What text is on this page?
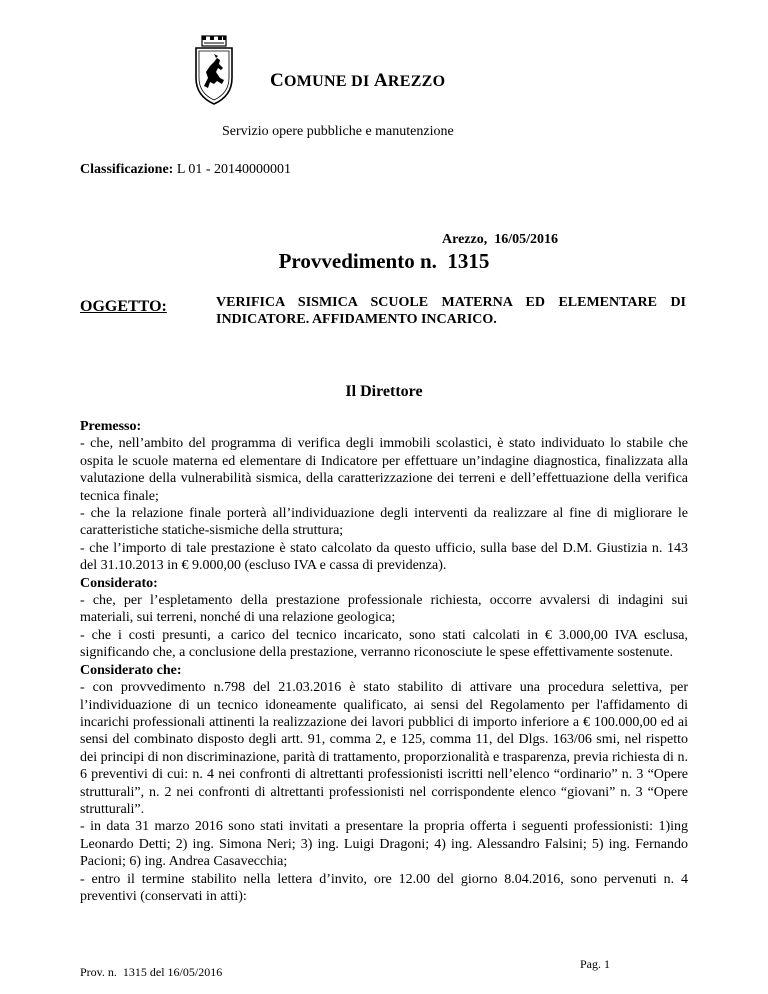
COMUNE DI AREZZO
Servizio opere pubbliche e manutenzione
Classificazione: L 01 - 20140000001
Arezzo,  16/05/2016
Provvedimento n.  1315
OGGETTO:	VERIFICA SISMICA SCUOLE MATERNA ED ELEMENTARE DI INDICATORE. AFFIDAMENTO INCARICO.
Il Direttore

Premesso:

- che, nell’ambito del programma di verifica degli immobili scolastici, è stato individuato lo stabile che ospita le scuole materna ed elementare di Indicatore per effettuare un’indagine diagnostica, finalizzata alla valutazione della vulnerabilità sismica, della caratterizzazione dei terreni e dell’effettuazione della verifica tecnica finale;

- che la relazione finale porterà all’individuazione degli interventi da realizzare al fine di migliorare le caratteristiche statiche-sismiche della struttura;

- che l’importo di tale prestazione è stato calcolato da questo ufficio, sulla base del D.M. Giustizia n. 143 del 31.10.2013 in € 9.000,00 (escluso IVA e cassa di previdenza).

Considerato:

- che, per l’espletamento della prestazione professionale richiesta, occorre avvalersi di indagini sui materiali, sui terreni, nonché di una relazione geologica;

- che i costi presunti, a carico del tecnico incaricato, sono stati calcolati in € 3.000,00 IVA esclusa, significando che, a conclusione della prestazione, verranno riconosciute le spese effettivamente sostenute.

Considerato che:

- con provvedimento n.798 del 21.03.2016 è stato stabilito di attivare una procedura selettiva, per l’individuazione di un tecnico idoneamente qualificato, ai sensi del Regolamento per l'affidamento di incarichi professionali attinenti la realizzazione dei lavori pubblici di importo inferiore a € 100.000,00 ed ai sensi del combinato disposto degli artt. 91, comma 2, e 125, comma 11, del Dlgs. 163/06 smi, nel rispetto dei principi di non discriminazione, parità di trattamento, proporzionalità e trasparenza, previa richiesta di n. 6 preventivi di cui: n. 4 nei confronti di altrettanti professionisti iscritti nell’elenco “ordinario” n. 3 “Opere strutturali”, n. 2 nei confronti di altrettanti professionisti nel corrispondente elenco “giovani” n. 3 “Opere strutturali”.

- in data 31 marzo 2016 sono stati invitati a presentare la propria offerta i seguenti professionisti: 1)ing Leonardo Detti; 2) ing. Simona Neri; 3) ing. Luigi Dragoni; 4) ing. Alessandro Falsini; 5) ing. Fernando Pacioni; 6) ing. Andrea Casavecchia;

- entro il termine stabilito nella lettera d’invito, ore 12.00 del giorno 8.04.2016, sono pervenuti n. 4 preventivi (conservati in atti):

Prov. n.  1315 del 16/05/2016
Pag. 1
